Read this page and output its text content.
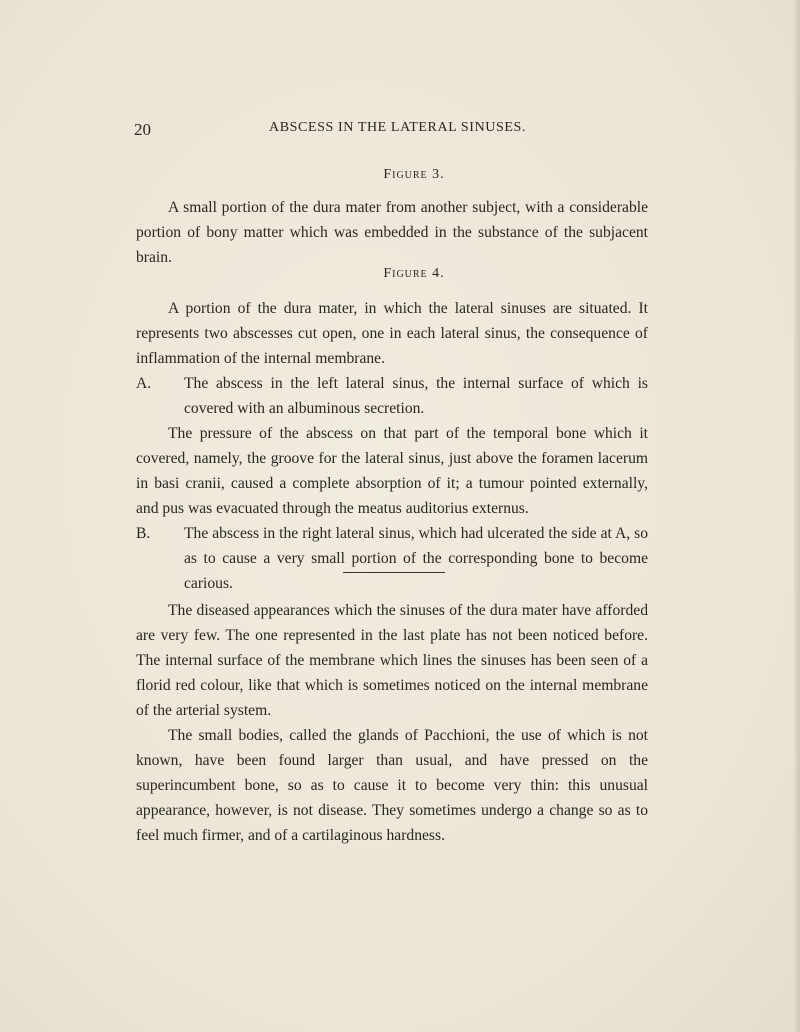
20	ABSCESS IN THE LATERAL SINUSES.
Figure 3.

A small portion of the dura mater from another subject, with a considerable portion of bony matter which was embedded in the substance of the subjacent brain.

Figure 4.

A portion of the dura mater, in which the lateral sinuses are situated. It represents two abscesses cut open, one in each lateral sinus, the consequence of inflammation of the internal membrane.

A. The abscess in the left lateral sinus, the internal surface of which is covered with an albuminous secretion.

The pressure of the abscess on that part of the temporal bone which it covered, namely, the groove for the lateral sinus, just above the foramen lacerum in basi cranii, caused a complete absorption of it; a tumour pointed externally, and pus was evacuated through the meatus auditorius externus.

B. The abscess in the right lateral sinus, which had ulcerated the side at A, so as to cause a very small portion of the corresponding bone to become carious.

The diseased appearances which the sinuses of the dura mater have afforded are very few. The one represented in the last plate has not been noticed before. The internal surface of the membrane which lines the sinuses has been seen of a florid red colour, like that which is sometimes noticed on the internal membrane of the arterial system.

The small bodies, called the glands of Pacchioni, the use of which is not known, have been found larger than usual, and have pressed on the superincumbent bone, so as to cause it to become very thin: this unusual appearance, however, is not disease. They sometimes undergo a change so as to feel much firmer, and of a cartilaginous hardness.
